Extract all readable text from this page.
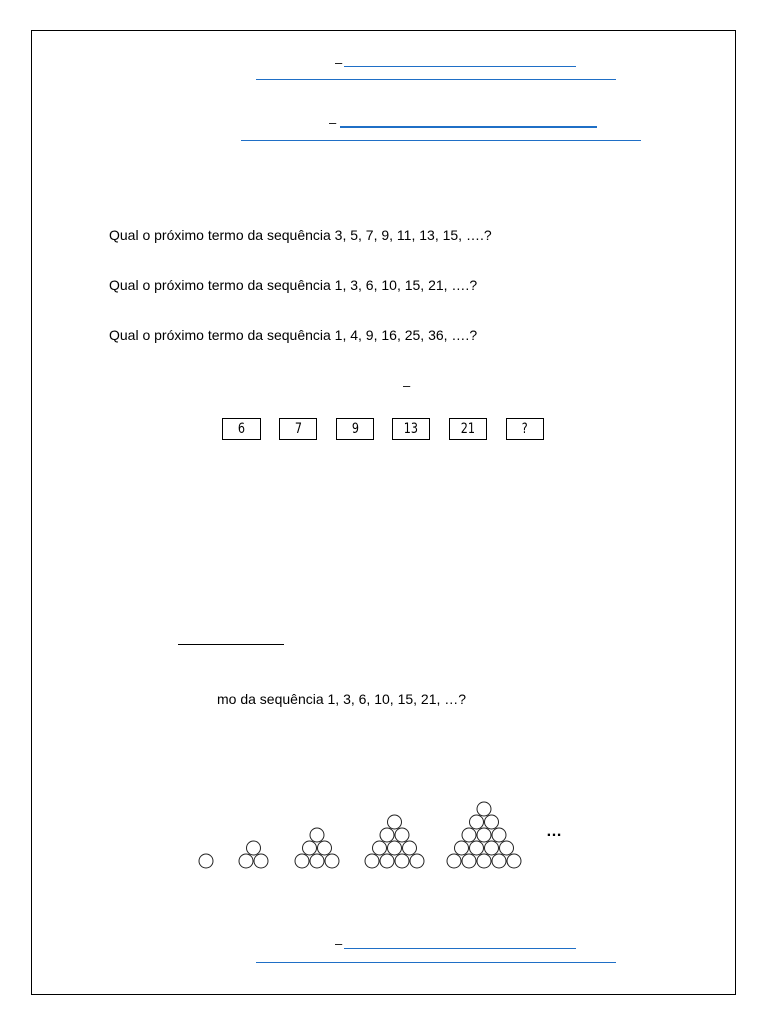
–
–
Qual o próximo termo da sequência 3, 5, 7, 9, 11, 13, 15, ….?
Qual o próximo termo da sequência 1, 3, 6, 10, 15, 21, ….?
Qual o próximo termo da sequência 1, 4, 9, 16, 25, 36, ….?
–
6	7	9	13	21	?
mo da sequência 1, 3, 6, 10, 15, 21, …?
…
–
